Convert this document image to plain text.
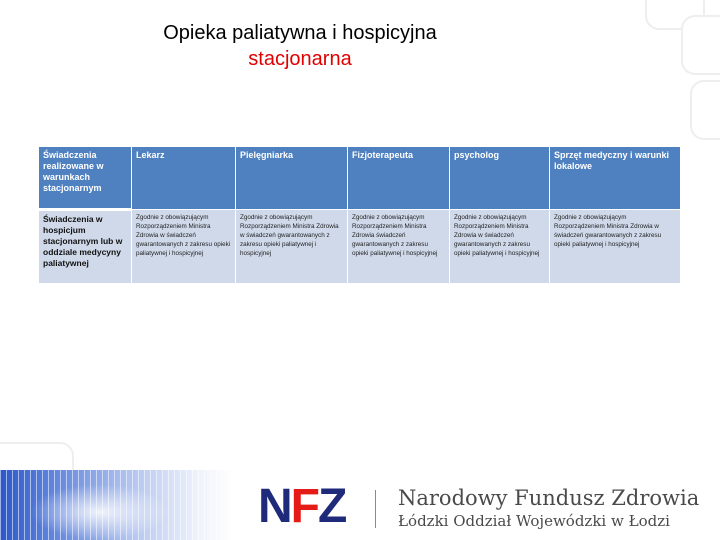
Opieka paliatywna i hospicyjna
stacjonarna
Świadczenia realizowane w warunkach stacjonarnym	Lekarz	Pielęgniarka	Fizjoterapeuta	psycholog	Sprzęt medyczny i warunki lokalowe
Świadczenia w hospicjum stacjonarnym lub w oddziale medycyny paliatywnej	Zgodnie z obowiązującym Rozporządzeniem Ministra Zdrowia w świadczeń gwarantowanych z zakresu opieki paliatywnej i hospicyjnej	Zgodnie z obowiązującym Rozporządzeniem Ministra Zdrowia w świadczeń gwarantowanych z zakresu opieki paliatywnej i hospicyjnej	Zgodnie z obowiązującym Rozporządzeniem Ministra Zdrowia świadczeń gwarantowanych z zakresu opieki paliatywnej i hospicyjnej	Zgodnie z obowiązującym Rozporządzeniem Ministra Zdrowia w świadczeń gwarantowanych z zakresu opieki paliatywnej i hospicyjnej	Zgodnie z obowiązującym Rozporządzeniem Ministra Zdrowia w świadczeń gwarantowanych z zakresu opieki paliatywnej i hospicyjnej
NFZ	Narodowy Fundusz Zdrowia
Łódzki Oddział Wojewódzki w Łodzi
